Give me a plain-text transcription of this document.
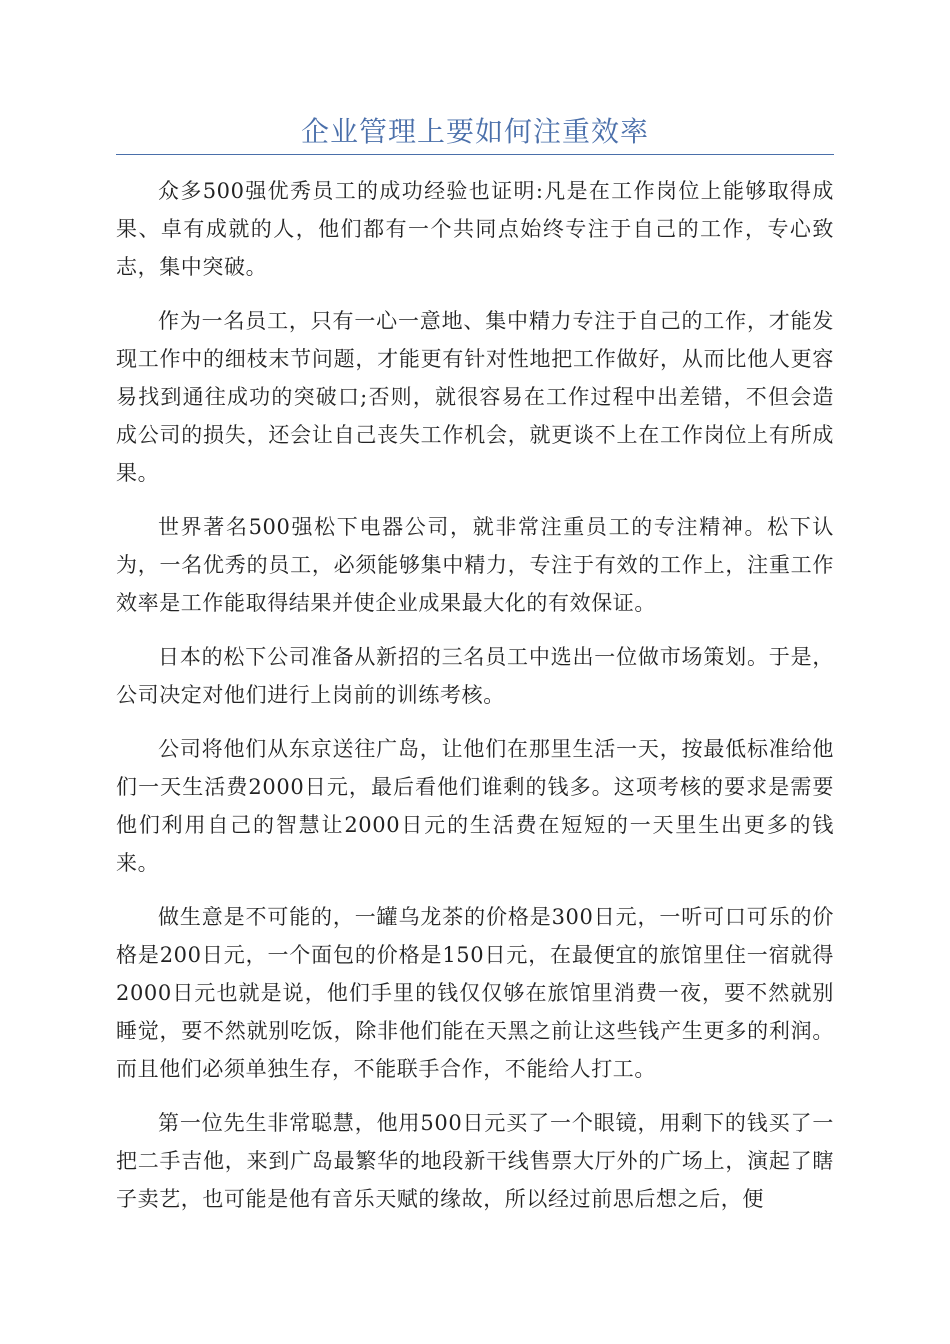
企业管理上要如何注重效率

众多500强优秀员工的成功经验也证明:凡是在工作岗位上能够取得成果、卓有成就的人，他们都有一个共同点始终专注于自己的工作，专心致志，集中突破。

作为一名员工，只有一心一意地、集中精力专注于自己的工作，才能发现工作中的细枝末节问题，才能更有针对性地把工作做好，从而比他人更容易找到通往成功的突破口;否则，就很容易在工作过程中出差错，不但会造成公司的损失，还会让自己丧失工作机会，就更谈不上在工作岗位上有所成果。

世界著名500强松下电器公司，就非常注重员工的专注精神。松下认为，一名优秀的员工，必须能够集中精力，专注于有效的工作上，注重工作效率是工作能取得结果并使企业成果最大化的有效保证。

日本的松下公司准备从新招的三名员工中选出一位做市场策划。于是，公司决定对他们进行上岗前的训练考核。

公司将他们从东京送往广岛，让他们在那里生活一天，按最低标准给他们一天生活费2000日元，最后看他们谁剩的钱多。这项考核的要求是需要他们利用自己的智慧让2000日元的生活费在短短的一天里生出更多的钱来。

做生意是不可能的，一罐乌龙茶的价格是300日元，一听可口可乐的价格是200日元，一个面包的价格是150日元，在最便宜的旅馆里住一宿就得2000日元也就是说，他们手里的钱仅仅够在旅馆里消费一夜，要不然就别睡觉，要不然就别吃饭，除非他们能在天黑之前让这些钱产生更多的利润。而且他们必须单独生存，不能联手合作，不能给人打工。

第一位先生非常聪慧，他用500日元买了一个眼镜，用剩下的钱买了一把二手吉他，来到广岛最繁华的地段新干线售票大厅外的广场上，演起了瞎子卖艺，也可能是他有音乐天赋的缘故，所以经过前思后想之后，便
